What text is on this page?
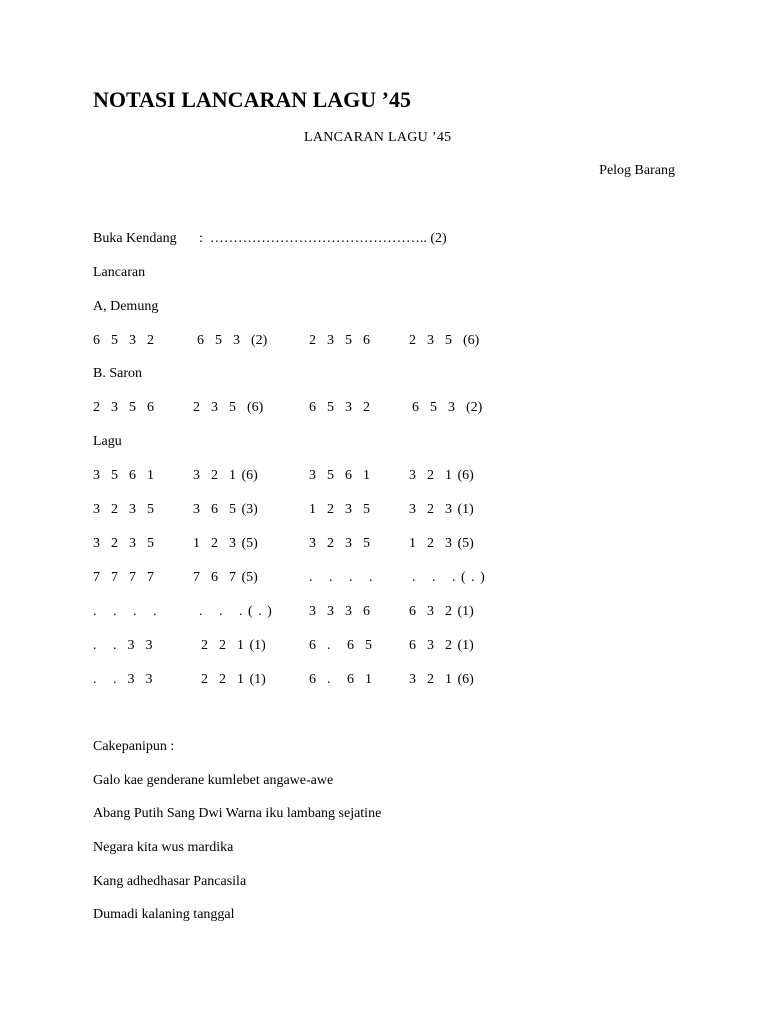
NOTASI LANCARAN LAGU ’45
LANCARAN LAGU ’45
Pelog Barang
Buka Kendang :  ……………………………………….. (2)
Lancaran
A, Demung
6  5  3  2	6  5  3  (2)	2  3  5  6	2  3  5  (6)
B. Saron
2  3  5  6	2  3  5  (6)	6  5  3  2	6  5  3  (2)
Lagu
3  5  6  1	3  2  1 (6)	3  5  6  1	3  2  1 (6)
3  2  3  5	3  6  5 (3)	1  2  3  5	3  2  3 (1)
3  2  3  5	1  2  3 (5)	3  2  3  5	1  2  3 (5)
7  7  7  7	7  6  7 (5)	.   .   .   .	.   .   . ( . )
.   .   .   .	.   .   . ( . )	3  3  3  6	6  3  2 (1)
.   .  3  3	2  2  1 (1)	6  .   6  5	6  3  2 (1)
.   .  3  3	2  2  1 (1)	6  .   6  1	3  2  1 (6)
Cakepanipun :
Galo kae genderane kumlebet angawe-awe
Abang Putih Sang Dwi Warna iku lambang sejatine
Negara kita wus mardika
Kang adhedhasar Pancasila
Dumadi kalaning tanggal
